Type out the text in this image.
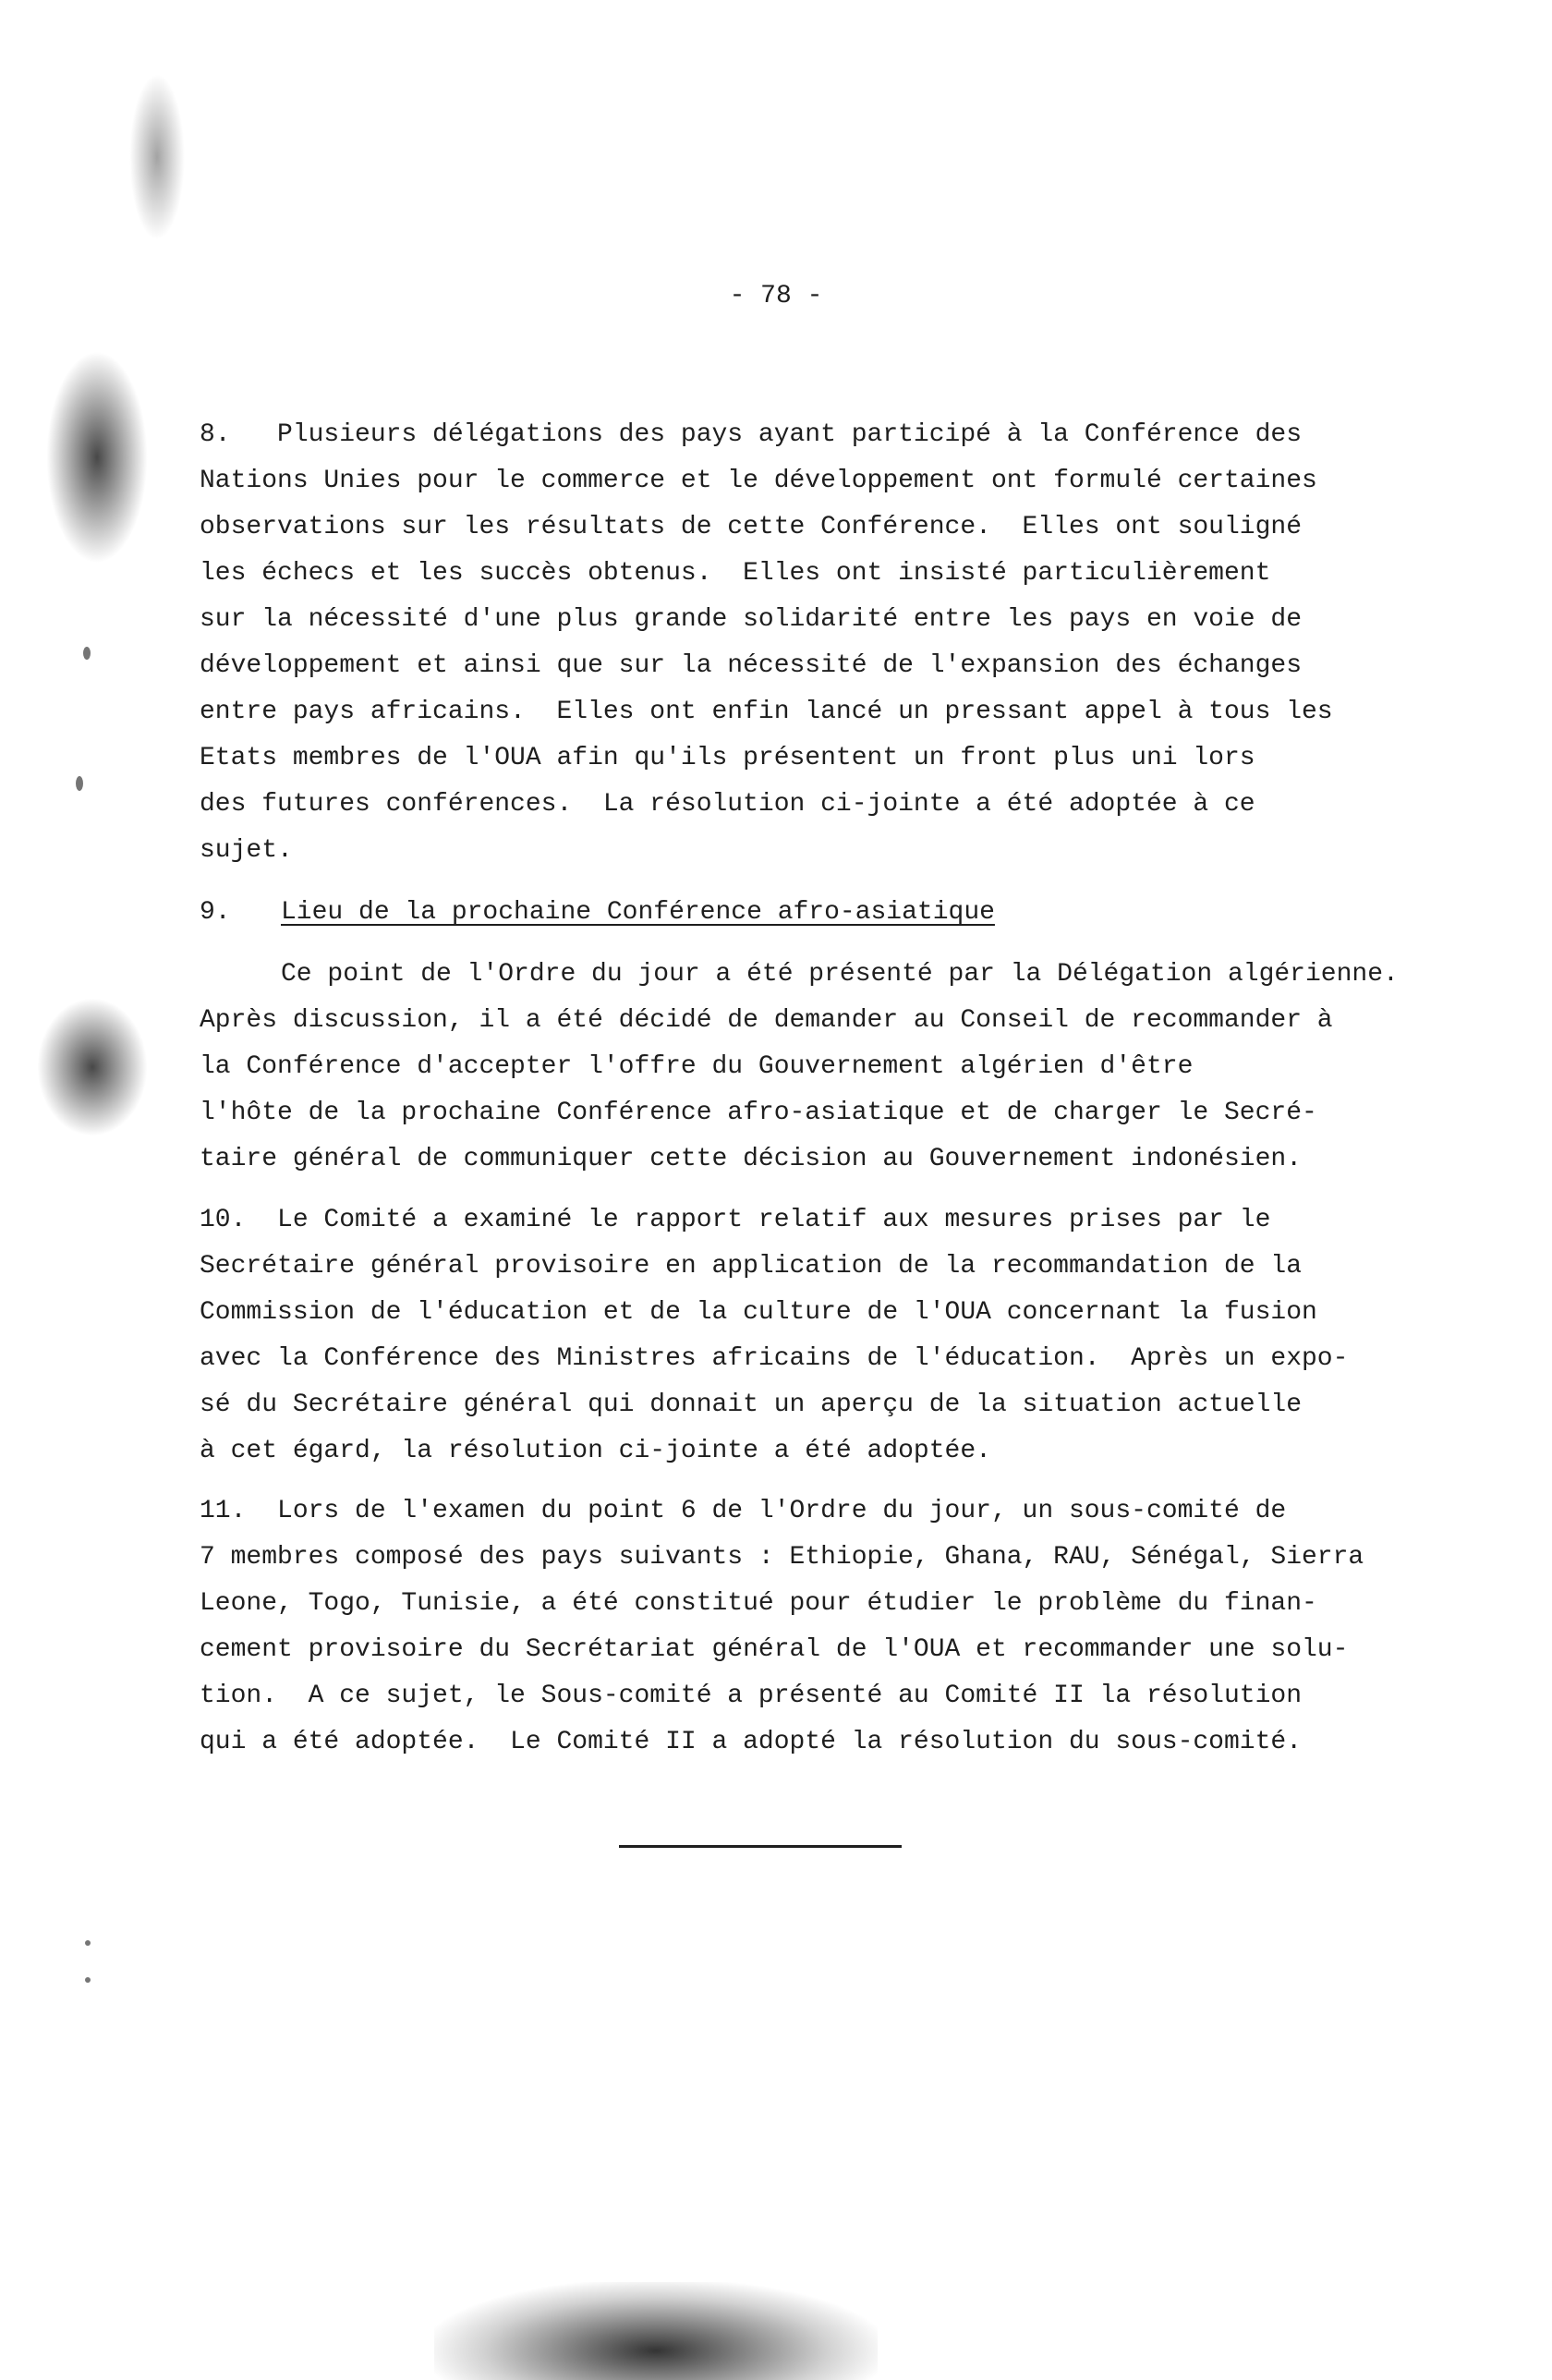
- 78 -

8.   Plusieurs délégations des pays ayant participé à la Conférence des

Nations Unies pour le commerce et le développement ont formulé certaines

observations sur les résultats de cette Conférence.  Elles ont souligné

les échecs et les succès obtenus.  Elles ont insisté particulièrement

sur la nécessité d'une plus grande solidarité entre les pays en voie de

développement et ainsi que sur la nécessité de l'expansion des échanges

entre pays africains.  Elles ont enfin lancé un pressant appel à tous les

Etats membres de l'OUA afin qu'ils présentent un front plus uni lors

des futures conférences.  La résolution ci-jointe a été adoptée à ce

sujet.

9. Lieu de la prochaine Conférence afro-asiatique

Ce point de l'Ordre du jour a été présenté par la Délégation algérienne.

Après discussion, il a été décidé de demander au Conseil de recommander à

la Conférence d'accepter l'offre du Gouvernement algérien d'être

l'hôte de la prochaine Conférence afro-asiatique et de charger le Secré-

taire général de communiquer cette décision au Gouvernement indonésien.

10.  Le Comité a examiné le rapport relatif aux mesures prises par le

Secrétaire général provisoire en application de la recommandation de la

Commission de l'éducation et de la culture de l'OUA concernant la fusion

avec la Conférence des Ministres africains de l'éducation.  Après un expo-

sé du Secrétaire général qui donnait un aperçu de la situation actuelle

à cet égard, la résolution ci-jointe a été adoptée.

11.  Lors de l'examen du point 6 de l'Ordre du jour, un sous-comité de

7 membres composé des pays suivants : Ethiopie, Ghana, RAU, Sénégal, Sierra

Leone, Togo, Tunisie, a été constitué pour étudier le problème du finan-

cement provisoire du Secrétariat général de l'OUA et recommander une solu-

tion.  A ce sujet, le Sous-comité a présenté au Comité II la résolution

qui a été adoptée.  Le Comité II a adopté la résolution du sous-comité.
